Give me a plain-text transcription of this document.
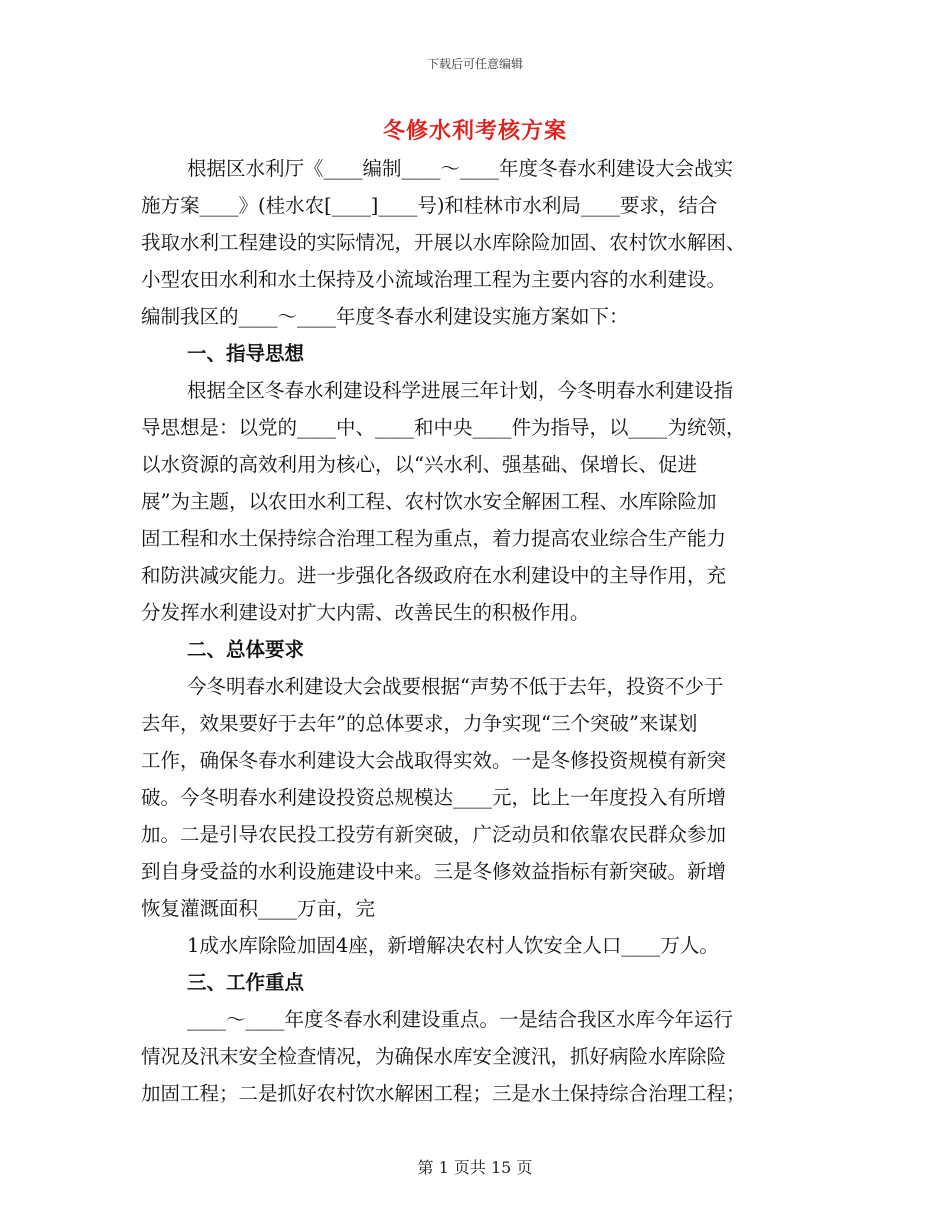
下载后可任意编辑
冬修水利考核方案
根据区水利厅《____编制____～____年度冬春水利建设大会战实
施方案____》(桂水农[____]____号)和桂林市水利局____要求，结合
我取水利工程建设的实际情况，开展以水库除险加固、农村饮水解困、
小型农田水利和水土保持及小流域治理工程为主要内容的水利建设。
编制我区的____～____年度冬春水利建设实施方案如下：
一、指导思想
根据全区冬春水利建设科学进展三年计划，今冬明春水利建设指
导思想是：以党的____中、____和中央____件为指导，以____为统领，
以水资源的高效利用为核心，以“兴水利、强基础、保增长、促进
展”为主题，以农田水利工程、农村饮水安全解困工程、水库除险加
固工程和水土保持综合治理工程为重点，着力提高农业综合生产能力
和防洪减灾能力。进一步强化各级政府在水利建设中的主导作用，充
分发挥水利建设对扩大内需、改善民生的积极作用。
二、总体要求
今冬明春水利建设大会战要根据“声势不低于去年，投资不少于
去年，效果要好于去年”的总体要求，力争实现“三个突破”来谋划
工作，确保冬春水利建设大会战取得实效。一是冬修投资规模有新突
破。今冬明春水利建设投资总规模达____元，比上一年度投入有所增
加。二是引导农民投工投劳有新突破，广泛动员和依靠农民群众参加
到自身受益的水利设施建设中来。三是冬修效益指标有新突破。新增
恢复灌溉面积____万亩，完
1成水库除险加固4座，新增解决农村人饮安全人口____万人。
三、工作重点
____～____年度冬春水利建设重点。一是结合我区水库今年运行
情况及汛末安全检查情况，为确保水库安全渡汛，抓好病险水库除险
加固工程；二是抓好农村饮水解困工程；三是水土保持综合治理工程；
第 1 页共 15 页
